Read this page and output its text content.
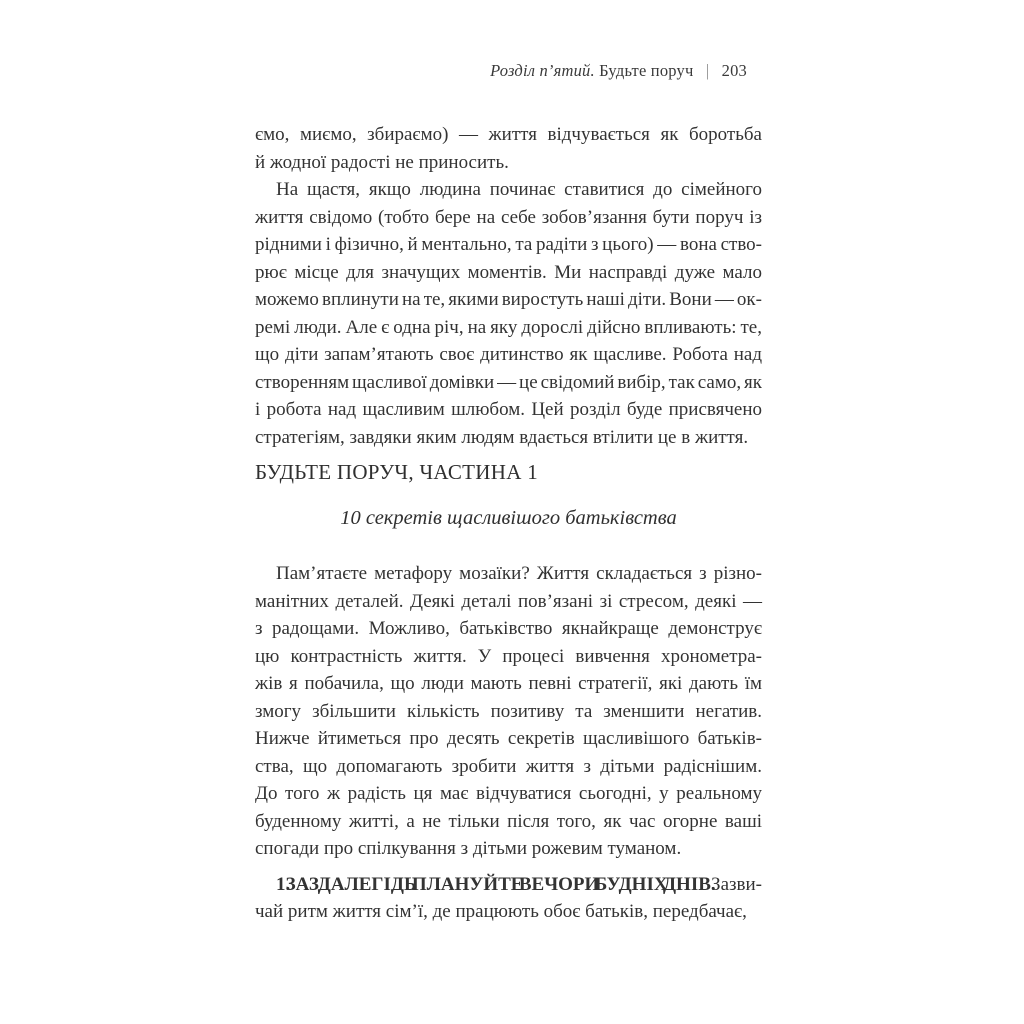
Розділ п’ятий. Будьте поруч | 203
ємо, миємо, збираємо) — життя відчувається як боротьба
й жодної радості не приносить.
На щастя, якщо людина починає ставитися до сімейного
життя свідомо (тобто бере на себе зобов’язання бути поруч із
рідними і фізично, й ментально, та радіти з цього) — вона ство-
рює місце для значущих моментів. Ми насправді дуже мало
можемо вплинути на те, якими виростуть наші діти. Вони — ок-
ремі люди. Але є одна річ, на яку дорослі дійсно впливають: те,
що діти запам’ятають своє дитинство як щасливе. Робота над
створенням щасливої домівки — це свідомий вибір, так само, як
і робота над щасливим шлюбом. Цей розділ буде присвячено
стратегіям, завдяки яким людям вдається втілити це в життя.
БУДЬТЕ ПОРУЧ, ЧАСТИНА 1
10 секретів щасливішого батьківства
Пам’ятаєте метафору мозаїки? Життя складається з різно-
манітних деталей. Деякі деталі пов’язані зі стресом, деякі —
з радощами. Можливо, батьківство якнайкраще демонструє
цю контрастність життя. У процесі вивчення хронометра-
жів я побачила, що люди мають певні стратегії, які дають їм
змогу збільшити кількість позитиву та зменшити негатив.
Нижче йтиметься про десять секретів щасливішого батьків-
ства, що допомагають зробити життя з дітьми радіснішим.
До того ж радість ця має відчуватися сьогодні, у реальному
буденному житті, а не тільки після того, як час огорне ваші
спогади про спілкування з дітьми рожевим туманом.
1. ЗАЗДАЛЕГІДЬ ПЛАНУЙТЕ ВЕЧОРИ БУДНІХ ДНІВ. Зазви-
чай ритм життя сім’ї, де працюють обоє батьків, передбачає,
